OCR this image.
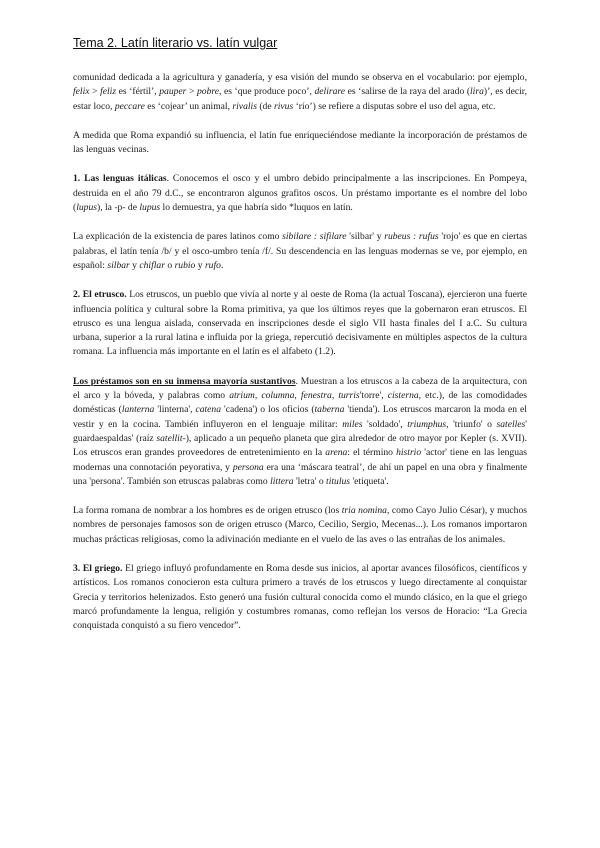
Tema 2. Latín literario vs. latín vulgar

comunidad dedicada a la agricultura y ganadería, y esa visión del mundo se observa en el vocabulario: por ejemplo, felix > feliz es ‘fértil’, pauper > pobre, es ‘que produce poco’, delirare es ‘salirse de la raya del arado (lira)’, es decir, estar loco, peccare es ‘cojear’ un animal, rivalis (de rivus ‘río’) se refiere a disputas sobre el uso del agua, etc.

A medida que Roma expandió su influencia, el latín fue enriqueciéndose mediante la incorporación de préstamos de las lenguas vecinas.

1. Las lenguas itálicas. Conocemos el osco y el umbro debido principalmente a las inscripciones. En Pompeya, destruida en el año 79 d.C., se encontraron algunos grafitos oscos. Un préstamo importante es el nombre del lobo (lupus), la -p- de lupus lo demuestra, ya que habría sido *luquos en latín.

La explicación de la existencia de pares latinos como sibilare : sifilare 'silbar' y rubeus : rufus 'rojo' es que en ciertas palabras, el latín tenía /b/ y el osco-umbro tenía /f/. Su descendencia en las lenguas modernas se ve, por ejemplo, en español: silbar y chiflar o rubio y rufo.

2. El etrusco. Los etruscos, un pueblo que vivía al norte y al oeste de Roma (la actual Toscana), ejercieron una fuerte influencia política y cultural sobre la Roma primitiva, ya que los últimos reyes que la gobernaron eran etruscos. El etrusco es una lengua aislada, conservada en inscripciones desde el siglo VII hasta finales del I a.C. Su cultura urbana, superior a la rural latina e influida por la griega, repercutió decisivamente en múltiples aspectos de la cultura romana. La influencia más importante en el latín es el alfabeto (1.2).

Los préstamos son en su inmensa mayoría sustantivos. Muestran a los etruscos a la cabeza de la arquitectura, con el arco y la bóveda, y palabras como atrium, columna, fenestra, turris'torre', cisterna, etc.), de las comodidades domésticas (lanterna 'linterna', catena 'cadena') o los oficios (taberna 'tienda'). Los etruscos marcaron la moda en el vestir y en la cocina. También influyeron en el lenguaje militar: miles 'soldado', triumphus, 'triunfo' o satelles' guardaespaldas' (raíz satellit-), aplicado a un pequeño planeta que gira alrededor de otro mayor por Kepler (s. XVII). Los etruscos eran grandes proveedores de entretenimiento en la arena: el término histrio 'actor' tiene en las lenguas modernas una connotación peyorativa, y persona era una ‘máscara teatral’, de ahí un papel en una obra y finalmente una 'persona'. También son etruscas palabras como littera 'letra' o titulus 'etiqueta'.

La forma romana de nombrar a los hombres es de origen etrusco (los tria nomina, como Cayo Julio César), y muchos nombres de personajes famosos son de origen etrusco (Marco, Cecilio, Sergio, Mecenas...). Los romanos importaron muchas prácticas religiosas, como la adivinación mediante en el vuelo de las aves o las entrañas de los animales.

3. El griego. El griego influyó profundamente en Roma desde sus inicios, al aportar avances filosóficos, científicos y artísticos. Los romanos conocieron esta cultura primero a través de los etruscos y luego directamente al conquistar Grecia y territorios helenizados. Esto generó una fusión cultural conocida como el mundo clásico, en la que el griego marcó profundamente la lengua, religión y costumbres romanas, como reflejan los versos de Horacio: “La Grecia conquistada conquistó a su fiero vencedor”.
